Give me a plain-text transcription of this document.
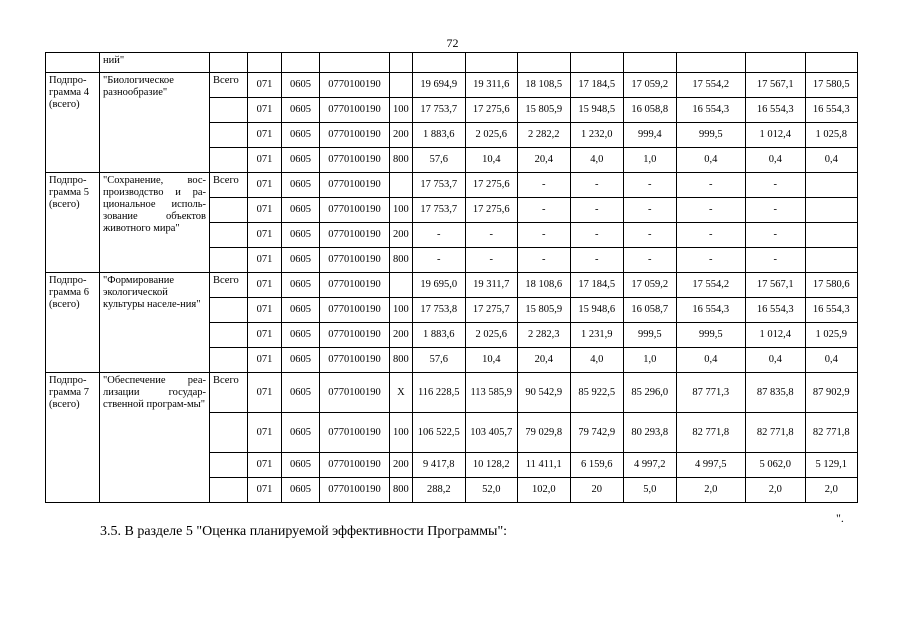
72
	ний"													
Подпро-грамма 4 (всего)	"Биологическое разнообразие"	Всего	071	0605	0770100190		19 694,9	19 311,6	18 108,5	17 184,5	17 059,2	17 554,2	17 567,1	17 580,5
			071	0605	0770100190	100	17 753,7	17 275,6	15 805,9	15 948,5	16 058,8	16 554,3	16 554,3	16 554,3
			071	0605	0770100190	200	1 883,6	2 025,6	2 282,2	1 232,0	999,4	999,5	1 012,4	1 025,8
			071	0605	0770100190	800	57,6	10,4	20,4	4,0	1,0	0,4	0,4	0,4
Подпро-грамма 5 (всего)	"Сохранение, вос-производство и ра-циональное исполь-зование объектов животного мира"	Всего	071	0605	0770100190		17 753,7	17 275,6	-	-	-	-	-	
			071	0605	0770100190	100	17 753,7	17 275,6	-	-	-	-	-	
			071	0605	0770100190	200	-	-	-	-	-	-	-	
			071	0605	0770100190	800	-	-	-	-	-	-	-	
Подпро-грамма 6 (всего)	"Формирование экологической культуры населе-ния"	Всего	071	0605	0770100190		19 695,0	19 311,7	18 108,6	17 184,5	17 059,2	17 554,2	17 567,1	17 580,6
			071	0605	0770100190	100	17 753,8	17 275,7	15 805,9	15 948,6	16 058,7	16 554,3	16 554,3	16 554,3
			071	0605	0770100190	200	1 883,6	2 025,6	2 282,3	1 231,9	999,5	999,5	1 012,4	1 025,9
			071	0605	0770100190	800	57,6	10,4	20,4	4,0	1,0	0,4	0,4	0,4
Подпро-грамма 7 (всего)	"Обеспечение реа-лизации государ-ственной програм-мы"	Всего	071	0605	0770100190	Х	116 228,5	113 585,9	90 542,9	85 922,5	85 296,0	87 771,3	87 835,8	87 902,9
			071	0605	0770100190	100	106 522,5	103 405,7	79 029,8	79 742,9	80 293,8	82 771,8	82 771,8	82 771,8
			071	0605	0770100190	200	9 417,8	10 128,2	11 411,1	6 159,6	4 997,2	4 997,5	5 062,0	5 129,1
			071	0605	0770100190	800	288,2	52,0	102,0	20	5,0	2,0	2,0	2,0
".
3.5. В разделе 5 "Оценка планируемой эффективности Программы":
